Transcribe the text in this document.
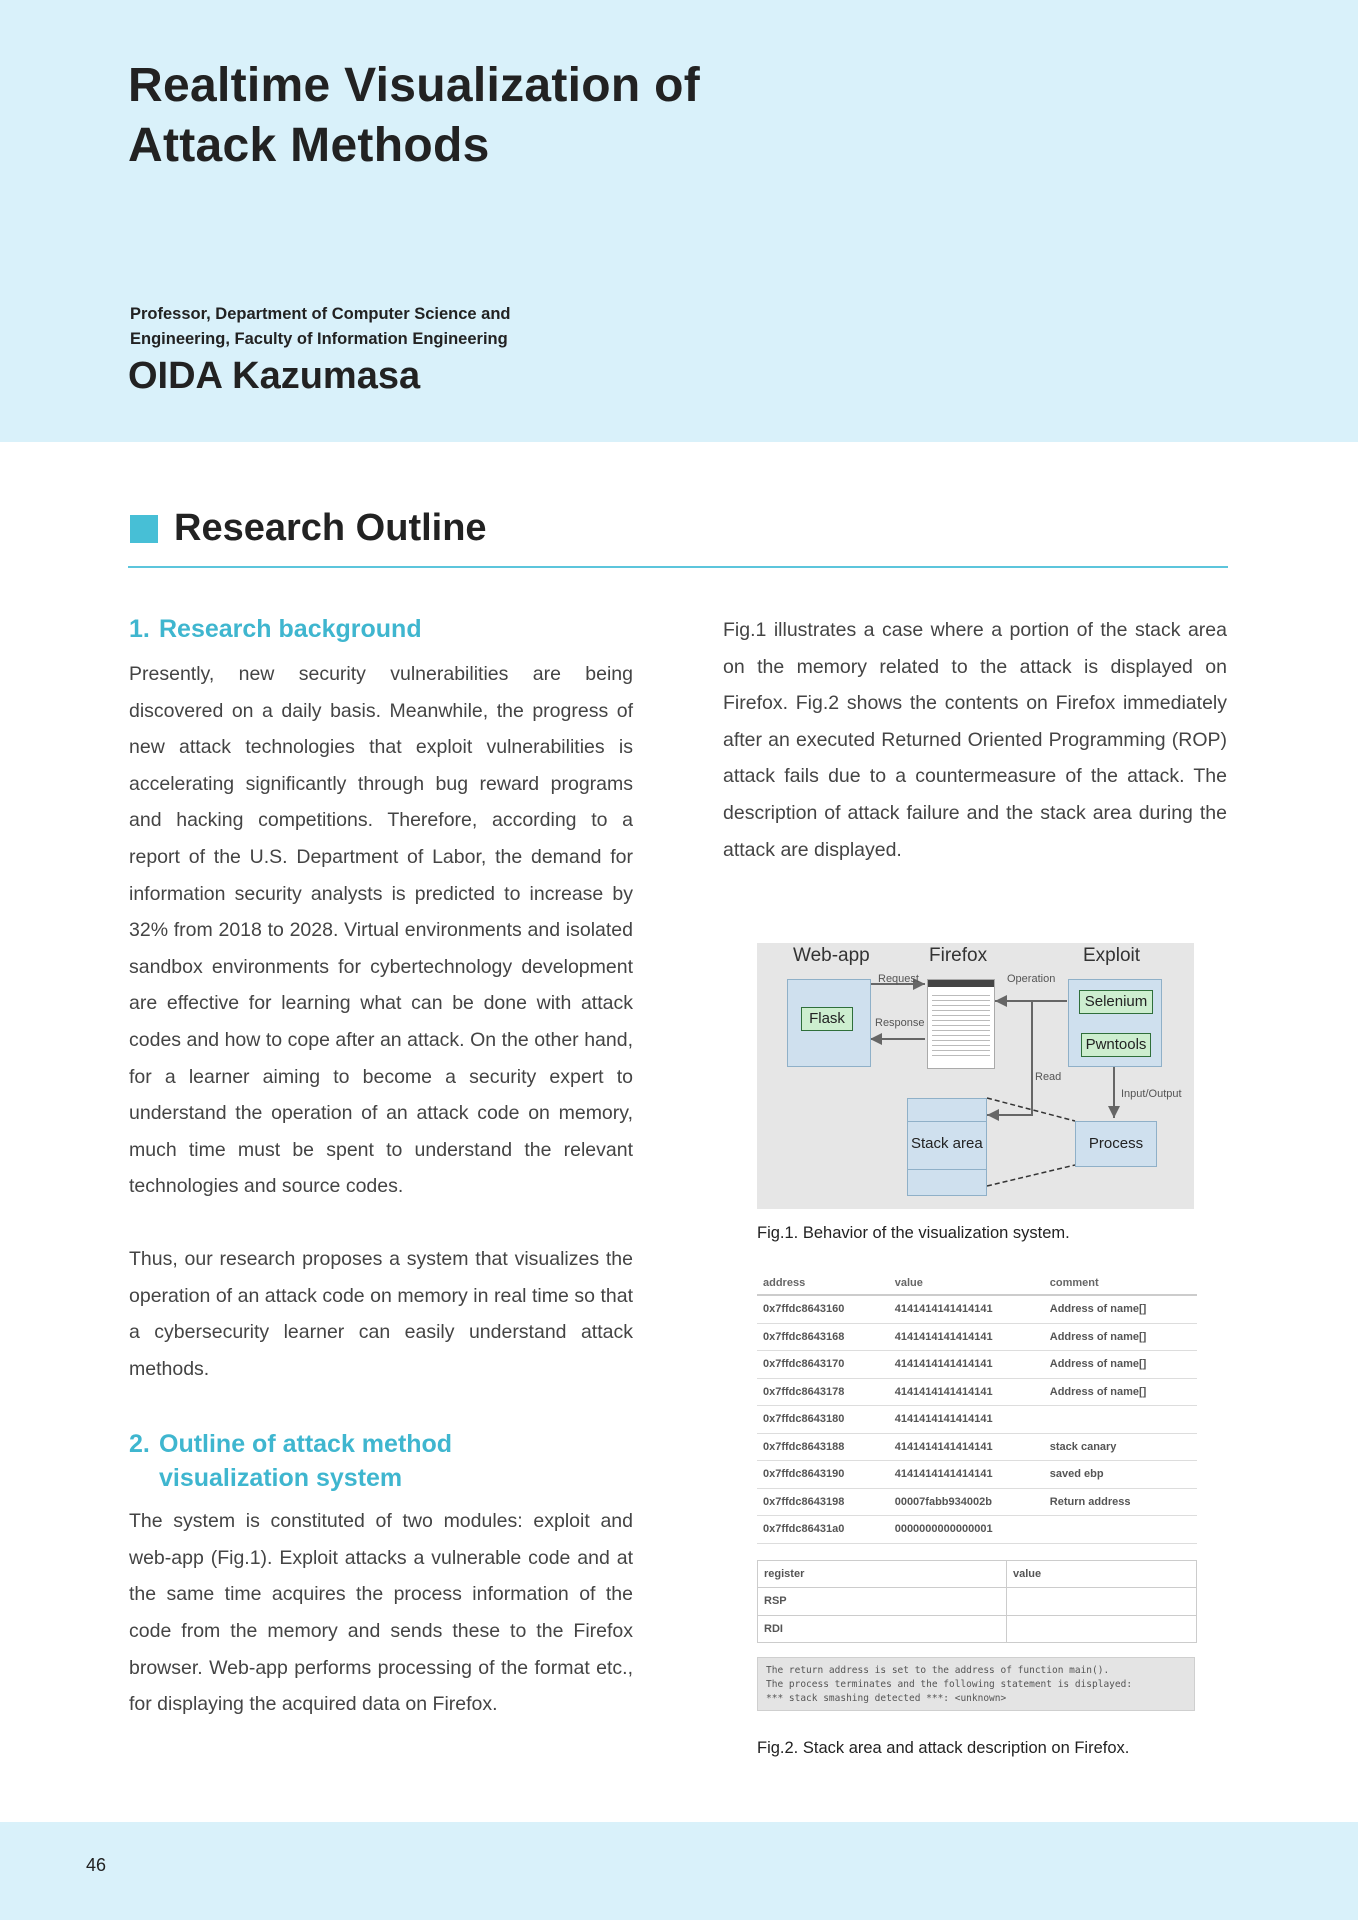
Realtime Visualization of
Attack Methods
Professor, Department of Computer Science and
Engineering, Faculty of Information Engineering
OIDA Kazumasa
Research Outline
1. Research background

Presently, new security vulnerabilities are being discovered on a daily basis. Meanwhile, the progress of new attack technologies that exploit vulnerabilities is accelerating significantly through bug reward programs and hacking competitions. Therefore, according to a report of the U.S. Department of Labor, the demand for information security analysts is predicted to increase by 32% from 2018 to 2028. Virtual environments and isolated sandbox environments for cybertechnology development are effective for learning what can be done with attack codes and how to cope after an attack. On the other hand, for a learner aiming to become a security expert to understand the operation of an attack code on memory, much time must be spent to understand the relevant technologies and source codes.

Thus, our research proposes a system that visualizes the operation of an attack code on memory in real time so that a cybersecurity learner can easily understand attack methods.

2. Outline of attack method
visualization system

The system is constituted of two modules: exploit and web-app (Fig.1). Exploit attacks a vulnerable code and at the same time acquires the process information of the code from the memory and sends these to the Firefox browser. Web-app performs processing of the format etc., for displaying the acquired data on Firefox.

Fig.1 illustrates a case where a portion of the stack area on the memory related to the attack is displayed on Firefox. Fig.2 shows the contents on Firefox immediately after an executed Returned Oriented Programming (ROP) attack fails due to a countermeasure of the attack. The description of attack failure and the stack area during the attack are displayed.

Web-app	Firefox	Exploit
Flask
Request
Response
Operation
Selenium
Pwntools
Read
Input/Output
Stack area	Process
Fig.1. Behavior of the visualization system.
address	value	comment
0x7ffdc8643160	4141414141414141	Address of name[]
0x7ffdc8643168	4141414141414141	Address of name[]
0x7ffdc8643170	4141414141414141	Address of name[]
0x7ffdc8643178	4141414141414141	Address of name[]
0x7ffdc8643180	4141414141414141	
0x7ffdc8643188	4141414141414141	stack canary
0x7ffdc8643190	4141414141414141	saved ebp
0x7ffdc8643198	00007fabb934002b	Return address
0x7ffdc86431a0	0000000000000001	
register	value
RSP	
RDI	
The return address is set to the address of function main().
The process terminates and the following statement is displayed:
*** stack smashing detected ***: <unknown>
Fig.2. Stack area and attack description on Firefox.
46
